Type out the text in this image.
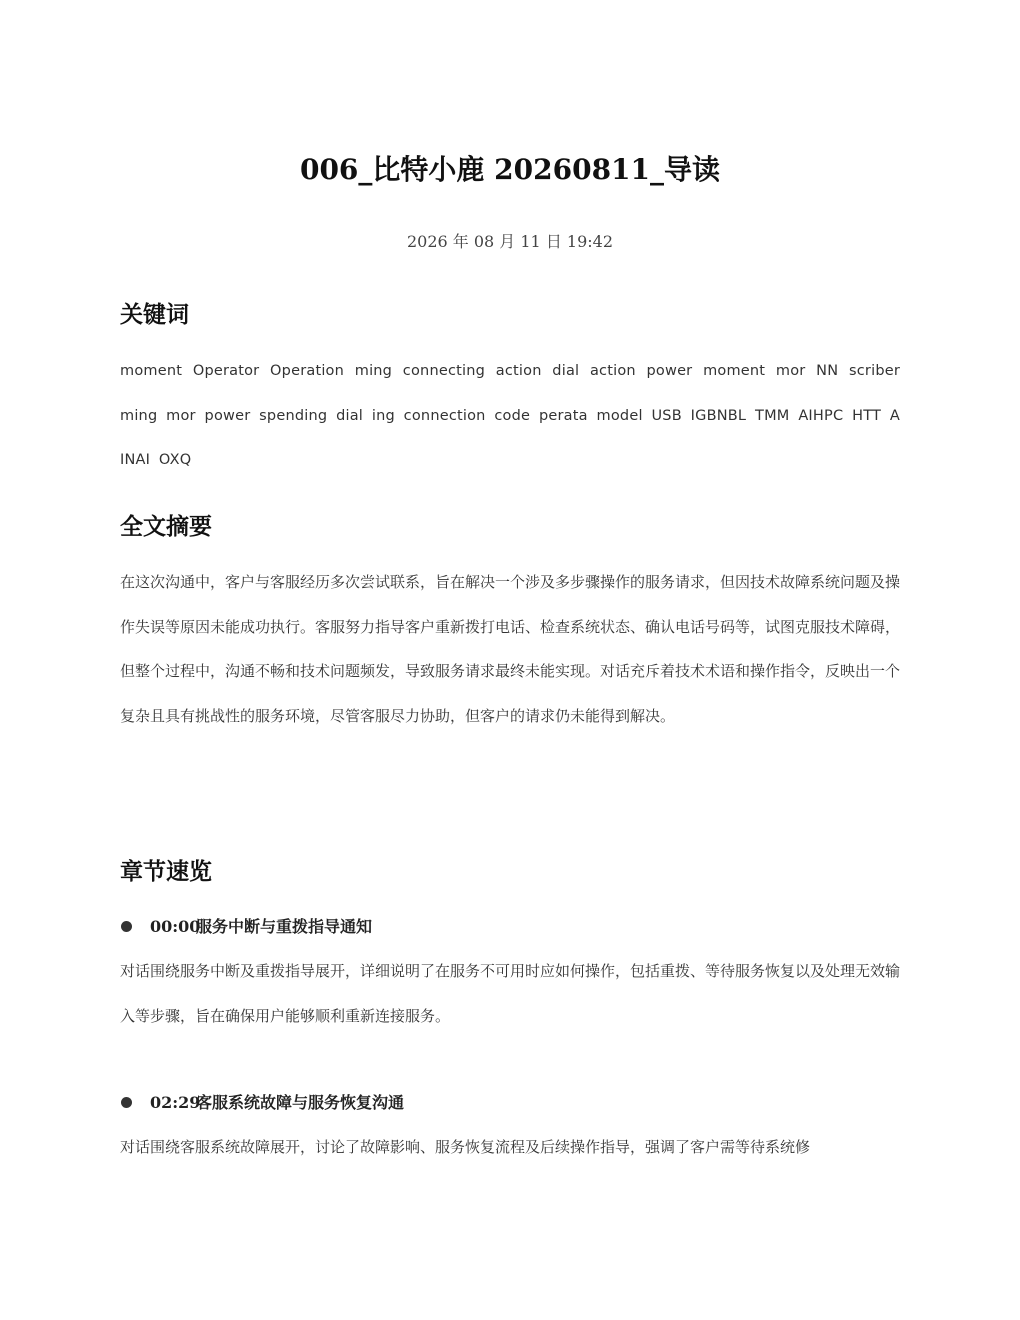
006_比特小鹿 20260811_导读
2026 年 08 月 11 日 19:42
关键词

moment Operator Operation ming connecting action dial action power moment mor NN scriber ming mor power spending dial ing connection code perata model USB IGBNBL TMM AIHPC HTT AINAI OXQ

全文摘要

在这次沟通中，客户与客服经历多次尝试联系，旨在解决一个涉及多步骤操作的服务请求，但因技术故障系统问题及操作失误等原因未能成功执行。客服努力指导客户重新拨打电话、检查系统状态、确认电话号码等，试图克服技术障碍，但整个过程中，沟通不畅和技术问题频发，导致服务请求最终未能实现。对话充斥着技术术语和操作指令，反映出一个复杂且具有挑战性的服务环境，尽管客服尽力协助，但客户的请求仍未能得到解决。

章节速览
00:00
服务中断与重拨指导通知

对话围绕服务中断及重拨指导展开，详细说明了在服务不可用时应如何操作，包括重拨、等待服务恢复以及处理无效输入等步骤，旨在确保用户能够顺利重新连接服务。

02:29
客服系统故障与服务恢复沟通

对话围绕客服系统故障展开，讨论了故障影响、服务恢复流程及后续操作指导，强调了客户需等待系统修
